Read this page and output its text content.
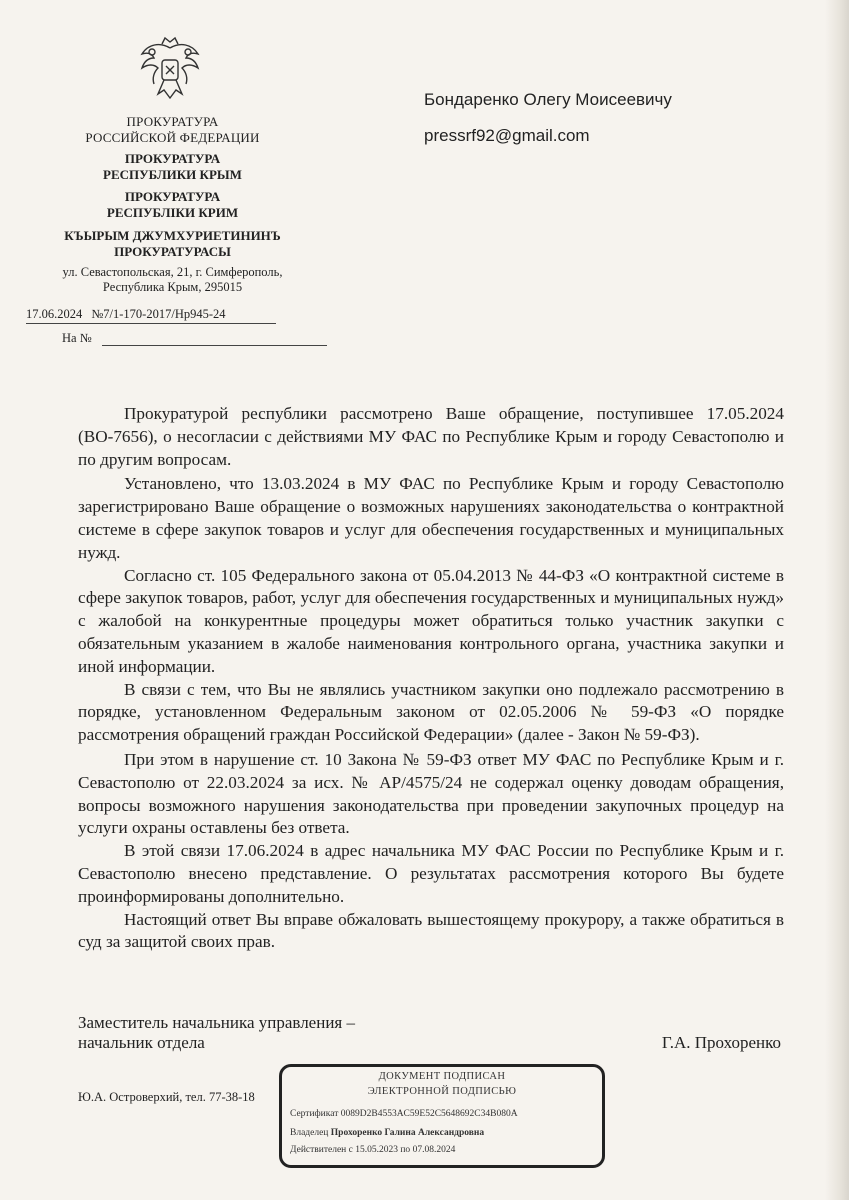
ПРОКУРАТУРА
РОССИЙСКОЙ ФЕДЕРАЦИИ
ПРОКУРАТУРА
РЕСПУБЛИКИ КРЫМ
ПРОКУРАТУРА
РЕСПУБЛIКИ КРИМ
КЪЫРЫМ ДЖУМХУРИЕТИНИНЪ
ПРОКУРАТУРАСЫ
ул. Севастопольская, 21, г. Симферополь,
Республика Крым, 295015
17.06.2024 №7/1-170-2017/Нр945-24
На №
Бондаренко Олегу Моисеевичу
pressrf92@gmail.com

Прокуратурой республики рассмотрено Ваше обращение, поступившее 17.05.2024 (ВО-7656), о несогласии с действиями МУ ФАС по Республике Крым и городу Севастополю и по другим вопросам.

Установлено, что 13.03.2024 в МУ ФАС по Республике Крым и городу Севастополю зарегистрировано Ваше обращение о возможных нарушениях законодательства о контрактной системе в сфере закупок товаров и услуг для обеспечения государственных и муниципальных нужд.

Согласно ст. 105 Федерального закона от 05.04.2013 № 44-ФЗ «О контрактной системе в сфере закупок товаров, работ, услуг для обеспечения государственных и муниципальных нужд» с жалобой на конкурентные процедуры может обратиться только участник закупки с обязательным указанием в жалобе наименования контрольного органа, участника закупки и иной информации.

В связи с тем, что Вы не являлись участником закупки оно подлежало рассмотрению в порядке, установленном Федеральным законом от 02.05.2006 № 59-ФЗ «О порядке рассмотрения обращений граждан Российской Федерации» (далее - Закон № 59-ФЗ).

При этом в нарушение ст. 10 Закона № 59-ФЗ ответ МУ ФАС по Республике Крым и г. Севастополю от 22.03.2024 за исх. № АР/4575/24 не содержал оценку доводам обращения, вопросы возможного нарушения законодательства при проведении закупочных процедур на услуги охраны оставлены без ответа.

В этой связи 17.06.2024 в адрес начальника МУ ФАС России по Республике Крым и г. Севастополю внесено представление. О результатах рассмотрения которого Вы будете проинформированы дополнительно.

Настоящий ответ Вы вправе обжаловать вышестоящему прокурору, а также обратиться в суд за защитой своих прав.

Заместитель начальника управления –
начальник отдела	Г.А. Прохоренко
Ю.А. Островерхий, тел. 77-38-18
ДОКУМЕНТ ПОДПИСАН
ЭЛЕКТРОННОЙ ПОДПИСЬЮ
Сертификат 0089D2B4553AC59E52C5648692C34B080A
Владелец Прохоренко Галина Александровна
Действителен с 15.05.2023 по 07.08.2024
